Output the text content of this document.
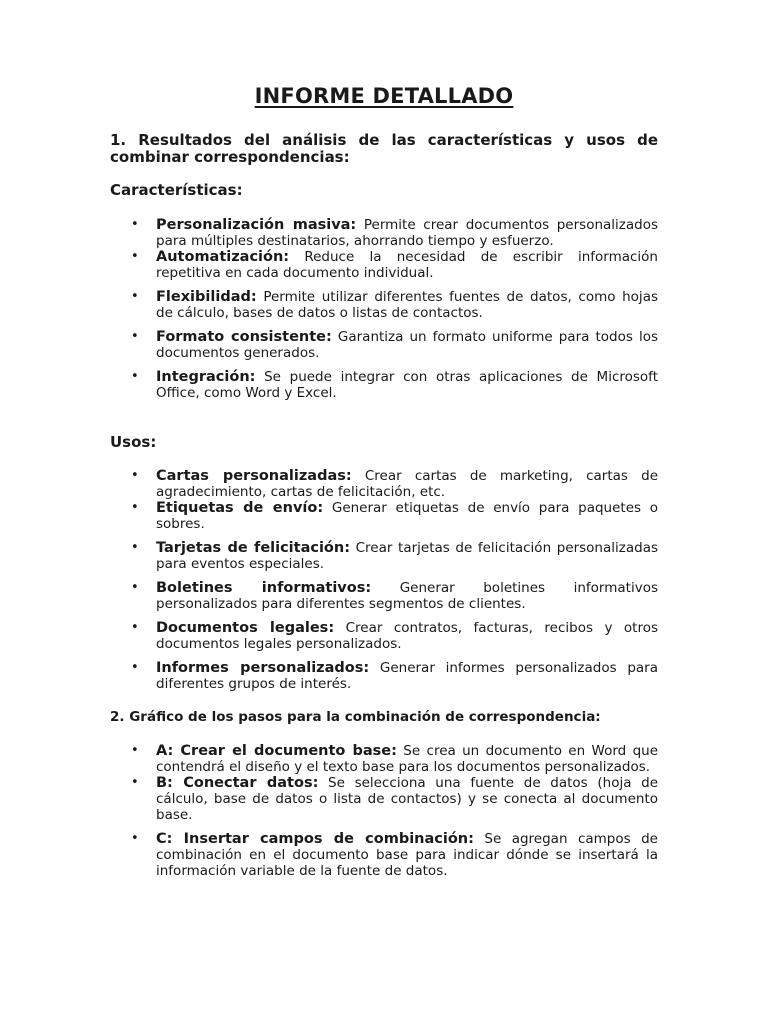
INFORME DETALLADO

1. Resultados del análisis de las características y usos de combinar correspondencias:

Características:

• Personalización masiva: Permite crear documentos personalizados para múltiples destinatarios, ahorrando tiempo y esfuerzo.
• Automatización: Reduce la necesidad de escribir información repetitiva en cada documento individual.
• Flexibilidad: Permite utilizar diferentes fuentes de datos, como hojas de cálculo, bases de datos o listas de contactos.
• Formato consistente: Garantiza un formato uniforme para todos los documentos generados.
• Integración: Se puede integrar con otras aplicaciones de Microsoft Office, como Word y Excel.

Usos:

• Cartas personalizadas: Crear cartas de marketing, cartas de agradecimiento, cartas de felicitación, etc.
• Etiquetas de envío: Generar etiquetas de envío para paquetes o sobres.
• Tarjetas de felicitación: Crear tarjetas de felicitación personalizadas para eventos especiales.
• Boletines informativos: Generar boletines informativos personalizados para diferentes segmentos de clientes.
• Documentos legales: Crear contratos, facturas, recibos y otros documentos legales personalizados.
• Informes personalizados: Generar informes personalizados para diferentes grupos de interés.

2. Gráfico de los pasos para la combinación de correspondencia:

• A: Crear el documento base: Se crea un documento en Word que contendrá el diseño y el texto base para los documentos personalizados.
• B: Conectar datos: Se selecciona una fuente de datos (hoja de cálculo, base de datos o lista de contactos) y se conecta al documento base.
• C: Insertar campos de combinación: Se agregan campos de combinación en el documento base para indicar dónde se insertará la información variable de la fuente de datos.
